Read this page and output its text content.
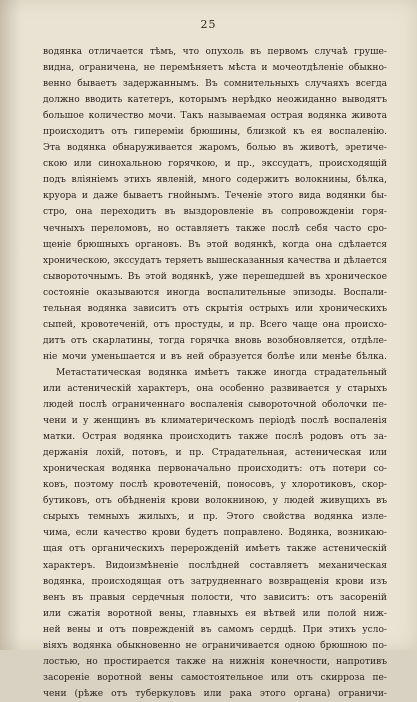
25
водянка отличается тѣмъ, что опухоль въ первомъ случаѣ груше-
видна, ограничена, не перемѣняетъ мѣста и мочеотдѣленіе обыкно-
венно бываетъ задержаннымъ. Въ сомнительныхъ случаяхъ всегда
должно вводить катетеръ, которымъ нерѣдко неожиданно выводятъ
большое количество мочи. Такъ называемая острая водянка живота
происходитъ отъ гипереміи брюшины, близкой къ ея воспаленію.
Эта водянка обнаруживается жаромъ, болью въ животѣ, эретиче-
скою или синохальною горячкою, и пр., экссудатъ, происходящій
подъ вліяніемъ этихъ явленій, много содержитъ волокнины, бѣлка,
круора и даже бываетъ гнойнымъ. Теченіе этого вида водянки бы-
стро, она переходитъ въ выздоровленіе въ сопровожденіи горя-
чечныхъ переломовъ, но оставляетъ также послѣ себя часто сро-
щеніе брюшныхъ органовъ. Въ этой водянкѣ, когда она сдѣлается
хроническою, экссудатъ теряетъ вышесказанныя качества и дѣлается
сывороточнымъ. Въ этой водянкѣ, уже перешедшей въ хроническое
состояніе оказываются иногда воспалительные эпизоды. Воспали-
тельная водянка зависитъ отъ скрытія острыхъ или хроническихъ
сыпей, кровотеченій, отъ простуды, и пр. Всего чаще она происхо-
дитъ отъ скарлатины, тогда горячка вновь возобновляется, отдѣле-
ніе мочи уменьшается и въ ней образуется болѣе или менѣе бѣлка.
Метастатическая водянка имѣетъ также иногда страдательный
или астеническій характеръ, она особенно развивается у старыхъ
людей послѣ ограниченнаго воспаленія сывороточной оболочки пе-
чени и у женщинъ въ климатерическомъ періодѣ послѣ воспаленія
матки. Острая водянка происходитъ также послѣ родовъ отъ за-
держанія лохій, потовъ, и пр. Страдательная, астеническая или
хроническая водянка первоначально происходитъ: отъ потери со-
ковъ, поэтому послѣ кровотеченій, поносовъ, у хлоротиковъ, скор-
бутиковъ, отъ обѣдненія крови волокниною, у людей живущихъ въ
сырыхъ темныхъ жилыхъ, и пр. Этого свойства водянка изле-
чима, если качество крови будетъ поправлено. Водянка, возникаю-
щая отъ органическихъ перерожденій имѣетъ также астеническій
характеръ. Видоизмѣненіе послѣдней составляетъ механическая
водянка, происходящая отъ затрудненнаго возвращенія крови изъ
венъ въ правыя сердечныя полости, что зависитъ: отъ засореній
или сжатія воротной вены, главныхъ ея вѣтвей или полой ниж-
ней вены и отъ поврежденій въ самомъ сердцѣ. При этихъ усло-
віяхъ водянка обыкновенно не ограничивается одною брюшною по-
лостью, но простирается также на нижнія конечности, напротивъ
засореніе воротной вены самостоятельное или отъ скирроза пе-
чени (рѣже отъ туберкуловъ или рака этого органа) ограничи-
